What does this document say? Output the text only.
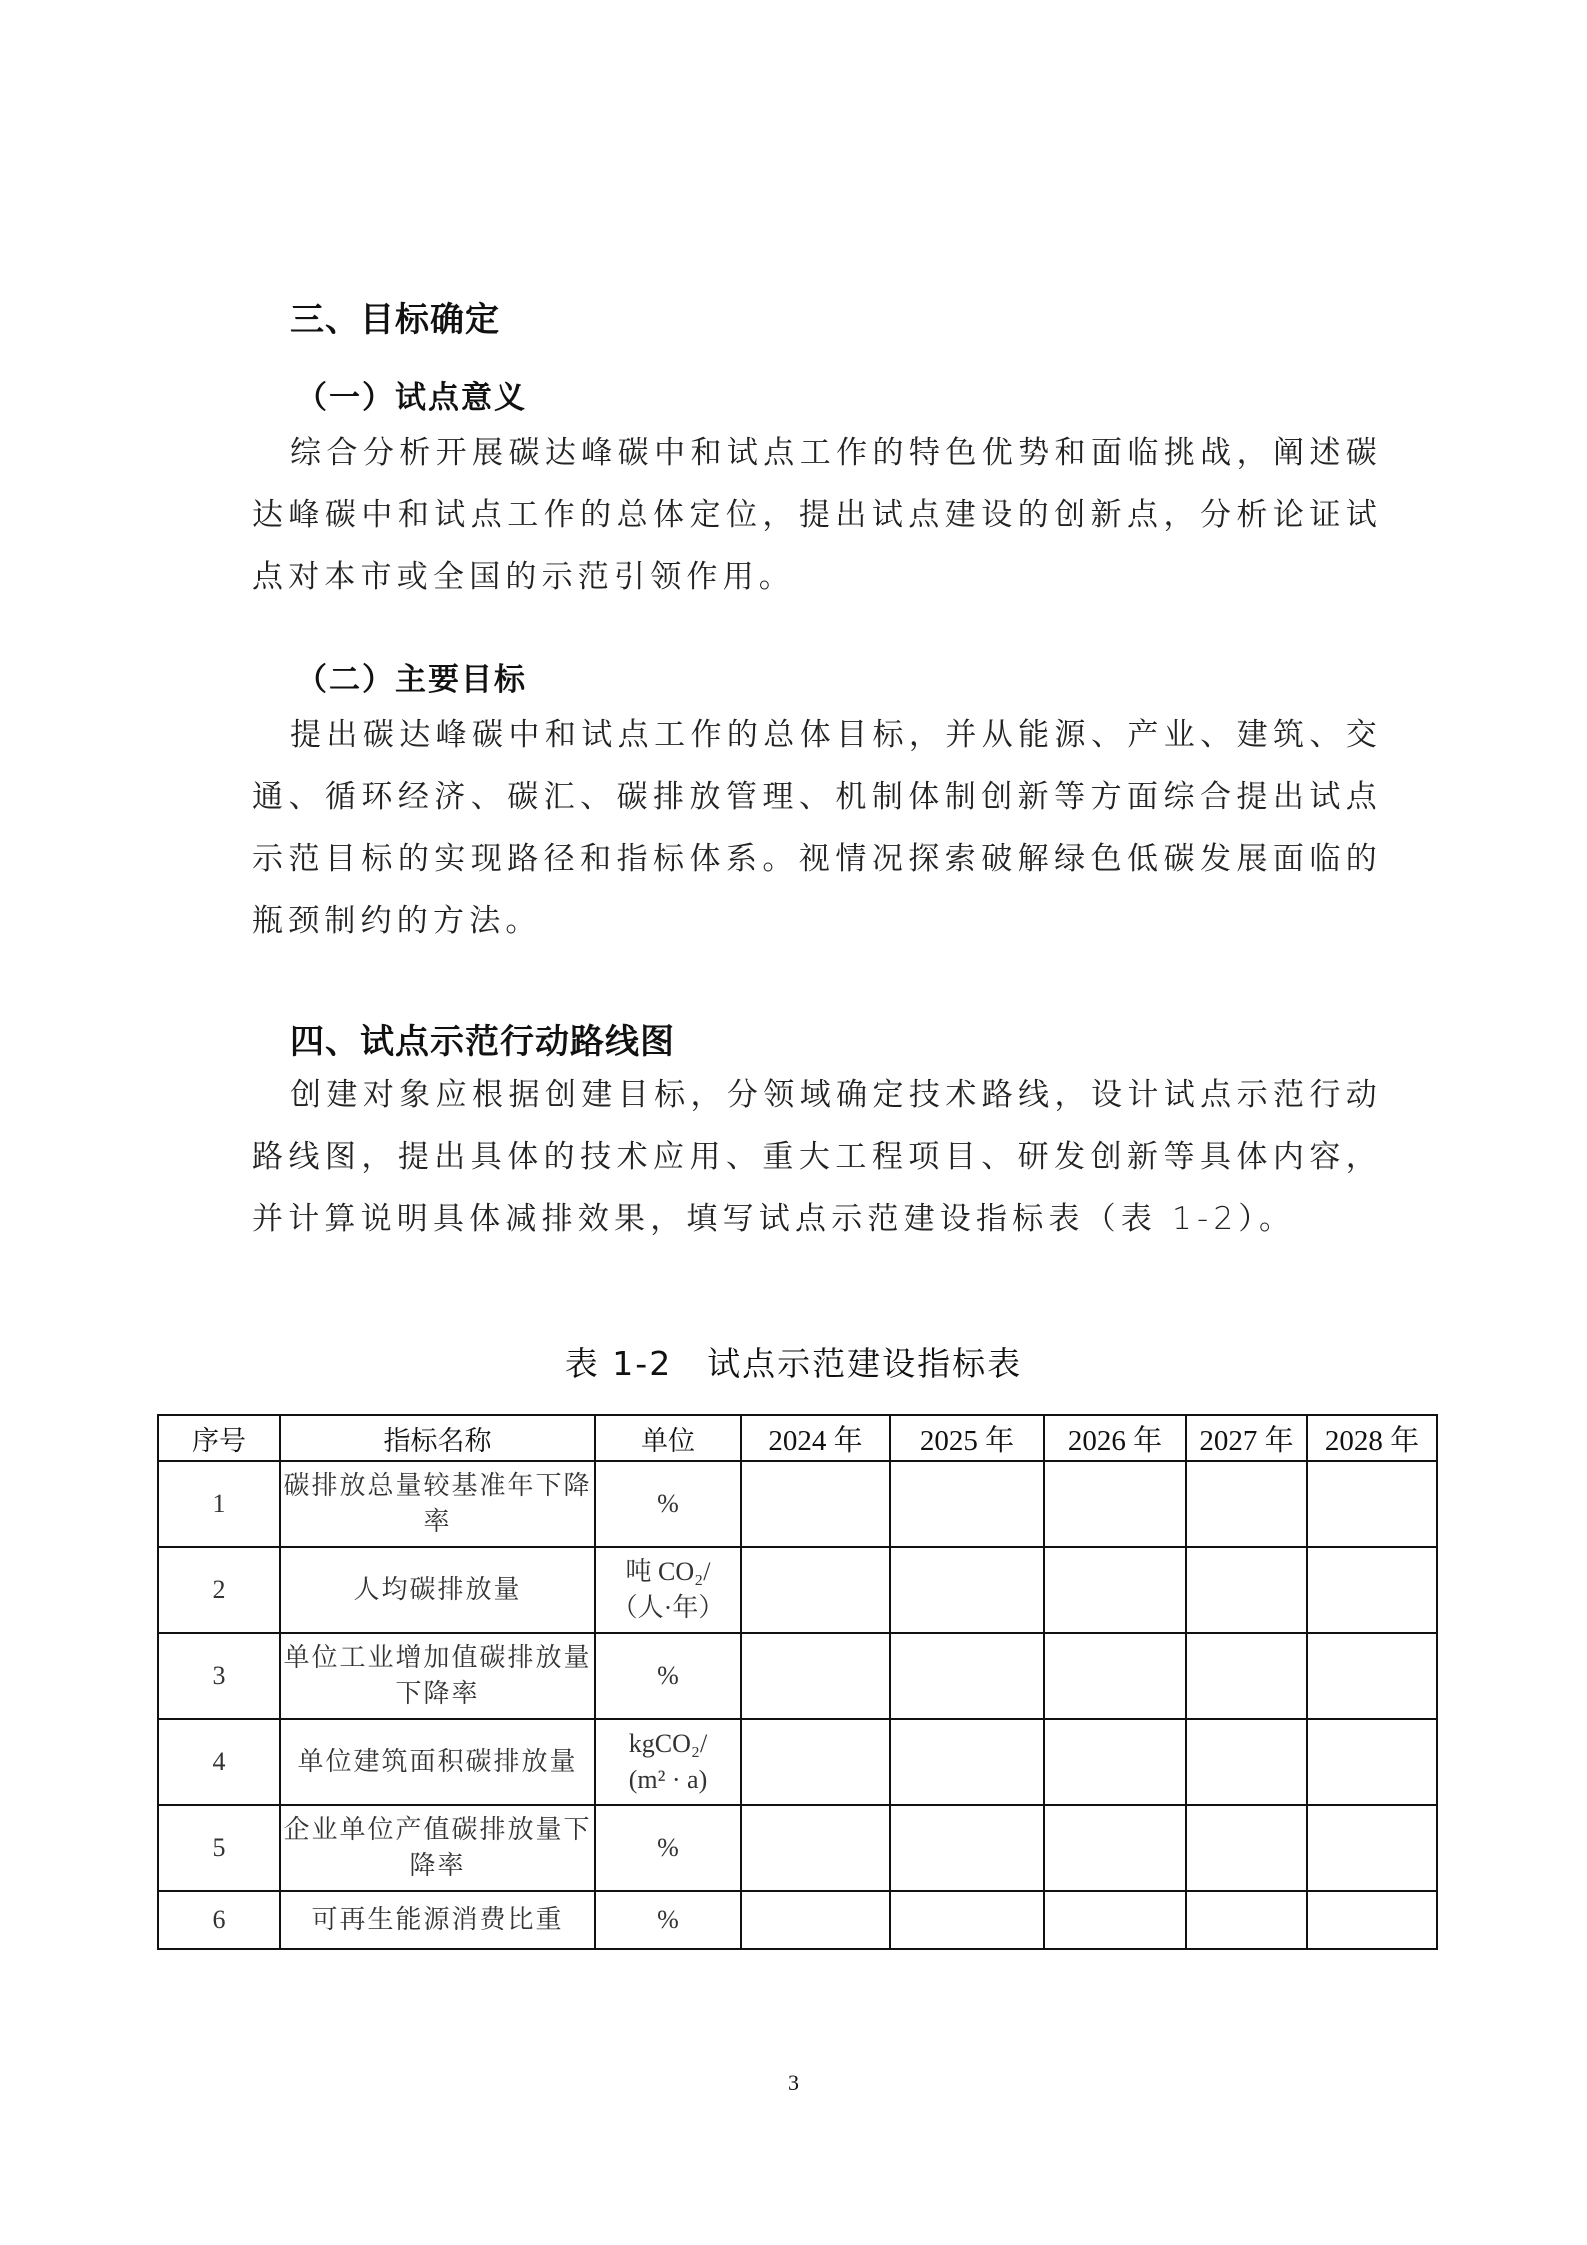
三、目标确定
（一）试点意义
综合分析开展碳达峰碳中和试点工作的特色优势和面临挑战，阐述碳达峰碳中和试点工作的总体定位，提出试点建设的创新点，分析论证试点对本市或全国的示范引领作用。
（二）主要目标
提出碳达峰碳中和试点工作的总体目标，并从能源、产业、建筑、交通、循环经济、碳汇、碳排放管理、机制体制创新等方面综合提出试点示范目标的实现路径和指标体系。视情况探索破解绿色低碳发展面临的瓶颈制约的方法。
四、试点示范行动路线图
创建对象应根据创建目标，分领域确定技术路线，设计试点示范行动路线图，提出具体的技术应用、重大工程项目、研发创新等具体内容，并计算说明具体减排效果，填写试点示范建设指标表（表 1-2）。
表 1-2　试点示范建设指标表
序号	指标名称	单位	2024 年	2025 年	2026 年	2027 年	2028 年
1	碳排放总量较基准年下降率	%					

2	人均碳排放量	吨 CO₂/
（人·年）					

3	单位工业增加值碳排放量下降率	%					

4	单位建筑面积碳排放量	kgCO₂/
(m² · a)					

5	企业单位产值碳排放量下降率	%					

6	可再生能源消费比重	%					

3
